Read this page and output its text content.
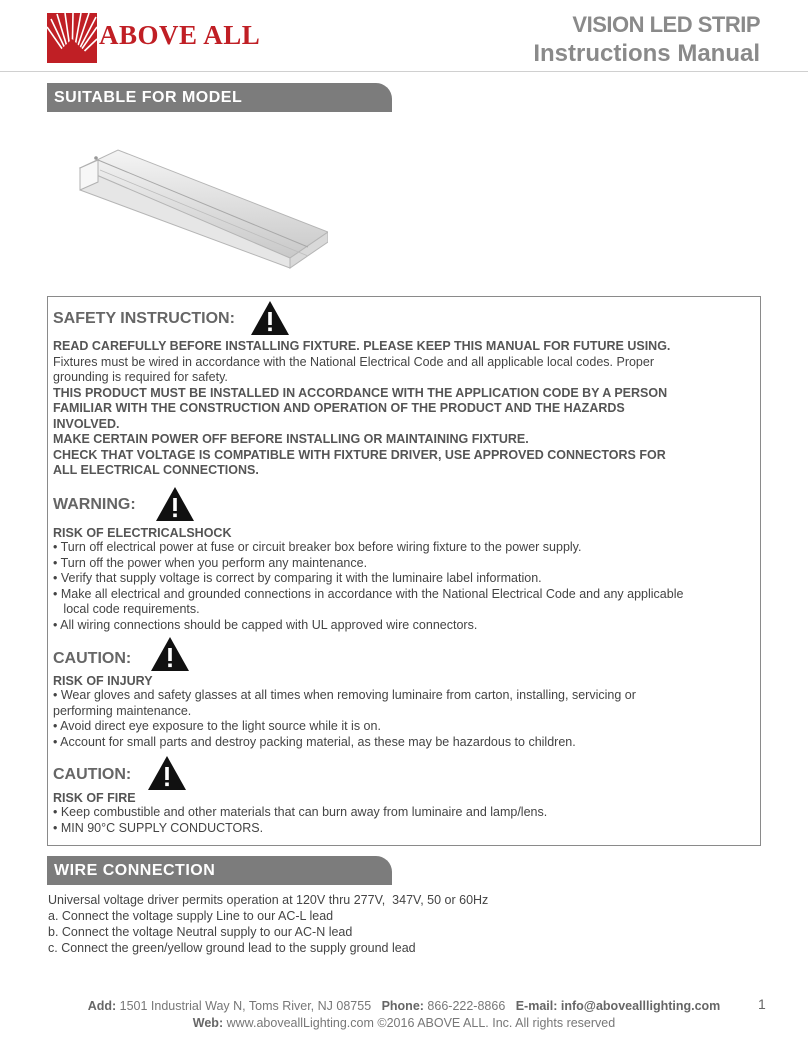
ABOVE ALL	VISION LED STRIP
Instructions Manual
SUITABLE FOR MODEL
SAFETY INSTRUCTION:
READ CAREFULLY BEFORE INSTALLING FIXTURE. PLEASE KEEP THIS MANUAL FOR FUTURE USING.
Fixtures must be wired in accordance with the National Electrical Code and all applicable local codes. Proper
grounding is required for safety.
THIS PRODUCT MUST BE INSTALLED IN ACCORDANCE WITH THE APPLICATION CODE BY A PERSON
FAMILIAR WITH THE CONSTRUCTION AND OPERATION OF THE PRODUCT AND THE HAZARDS
INVOLVED.
MAKE CERTAIN POWER OFF BEFORE INSTALLING OR MAINTAINING FIXTURE.
CHECK THAT VOLTAGE IS COMPATIBLE WITH FIXTURE DRIVER, USE APPROVED CONNECTORS FOR
ALL ELECTRICAL CONNECTIONS.
WARNING:
RISK OF ELECTRICALSHOCK
• Turn off electrical power at fuse or circuit breaker box before wiring fixture to the power supply.
• Turn off the power when you perform any maintenance.
• Verify that supply voltage is correct by comparing it with the luminaire label information.
• Make all electrical and grounded connections in accordance with the National Electrical Code and any applicable
local code requirements.
• All wiring connections should be capped with UL approved wire connectors.
CAUTION:
RISK OF INJURY
• Wear gloves and safety glasses at all times when removing luminaire from carton, installing, servicing or
performing maintenance.
• Avoid direct eye exposure to the light source while it is on.
• Account for small parts and destroy packing material, as these may be hazardous to children.
CAUTION:
RISK OF FIRE
• Keep combustible and other materials that can burn away from luminaire and lamp/lens.
• MIN 90°C SUPPLY CONDUCTORS.
WIRE CONNECTION
Universal voltage driver permits operation at 120V thru 277V,  347V, 50 or 60Hz
a. Connect the voltage supply Line to our AC-L lead
b. Connect the voltage Neutral supply to our AC-N lead
c. Connect the green/yellow ground lead to the supply ground lead
Add: 1501 Industrial Way N, Toms River, NJ 08755 Phone: 866-222-8866 E-mail: info@abovealllighting.com
Web: www.aboveallLighting.com ©2016 ABOVE ALL. Inc. All rights reserved
1
